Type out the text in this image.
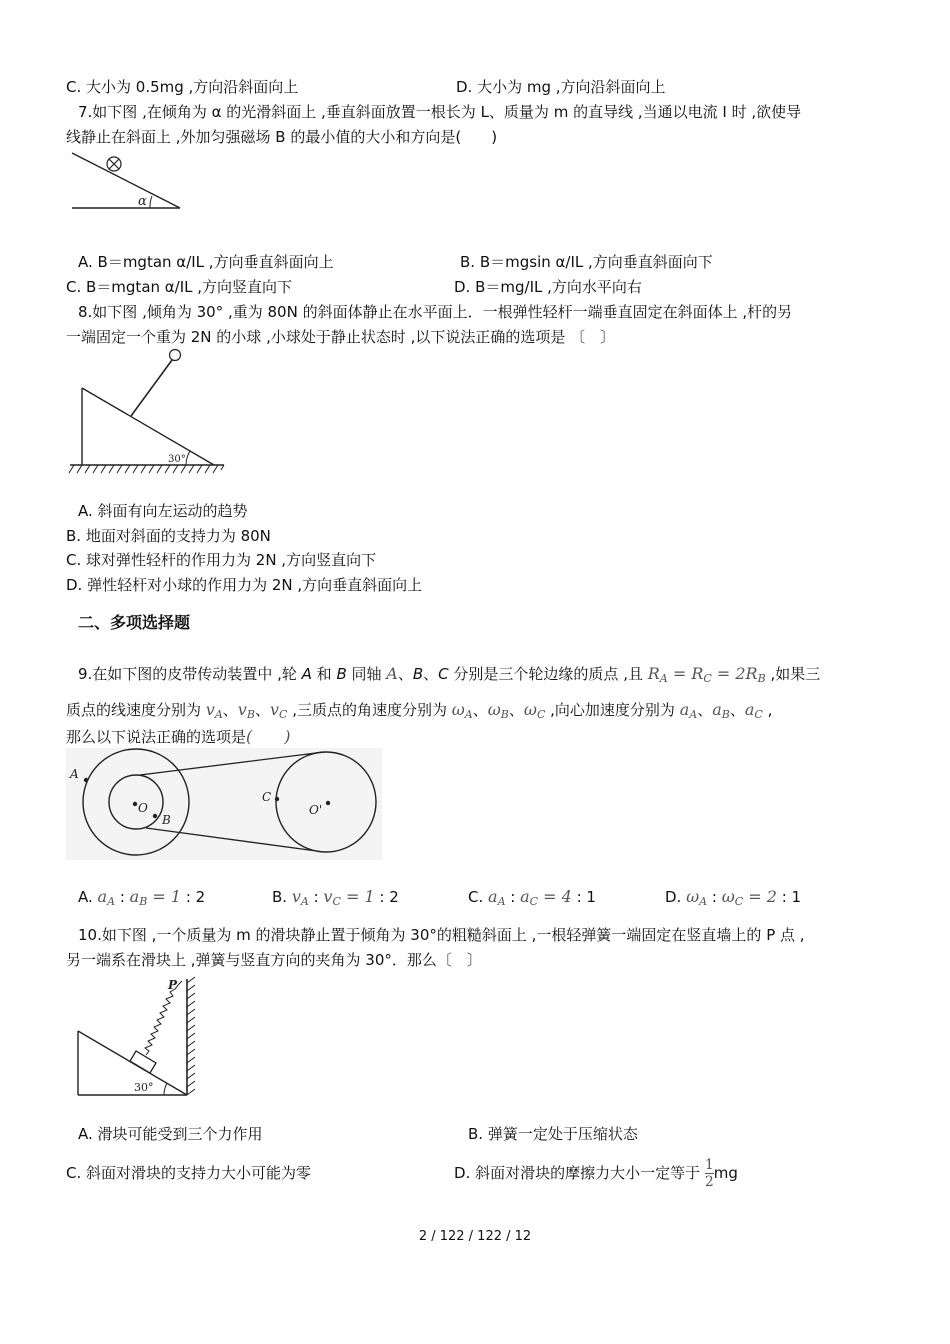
C. 大小为 0.5mg ,方向沿斜面向上	D. 大小为 mg ,方向沿斜面向上
7.如下图 ,在倾角为 α 的光滑斜面上 ,垂直斜面放置一根长为 L、质量为 m 的直导线 ,当通以电流 I 时 ,欲使导
线静止在斜面上 ,外加匀强磁场 B 的最小值的大小和方向是(　　)
α
A. B＝mgtan α/IL ,方向垂直斜面向上	B. B＝mgsin α/IL ,方向垂直斜面向下
C. B＝mgtan α/IL ,方向竖直向下	D. B＝mg/IL ,方向水平向右
8.如下图 ,倾角为 30° ,重为 80N 的斜面体静止在水平面上．一根弹性轻杆一端垂直固定在斜面体上 ,杆的另
一端固定一个重为 2N 的小球 ,小球处于静止状态时 ,以下说法正确的选项是 〔　〕
30°
A. 斜面有向左运动的趋势
B. 地面对斜面的支持力为 80N
C. 球对弹性轻杆的作用力为 2N ,方向竖直向下
D. 弹性轻杆对小球的作用力为 2N ,方向垂直斜面向上
二、多项选择题
9.在如下图的皮带传动装置中 ,轮 A 和 B 同轴 A、B、C 分别是三个轮边缘的质点 ,且 $R_A = R_C = 2R_B$ ,如果三
质点的线速度分别为 $v_A$、$v_B$、$v_C$ ,三质点的角速度分别为 $\omega_A$、$\omega_B$、$\omega_C$ ,向心加速度分别为 $a_A$、$a_B$、$a_C$ ,
那么以下说法正确的选项是(　　)
A
O
B
C
O'
A. $a_A$ : $a_B = 1$ : 2	B. $v_A$ : $v_C = 1$ : 2	C. $a_A$ : $a_C = 4$ : 1	D. $\omega_A$ : $\omega_C = 2$ : 1
10.如下图 ,一个质量为 m 的滑块静止置于倾角为 30°的粗糙斜面上 ,一根轻弹簧一端固定在竖直墙上的 P 点 ,
另一端系在滑块上 ,弹簧与竖直方向的夹角为 30°．那么〔　〕
P
30°
A. 滑块可能受到三个力作用	B. 弹簧一定处于压缩状态
C. 斜面对滑块的支持力大小可能为零	D. 斜面对滑块的摩擦力大小一定等于 $\frac{1}{2}$ mg
2 / 122 / 122 / 12
